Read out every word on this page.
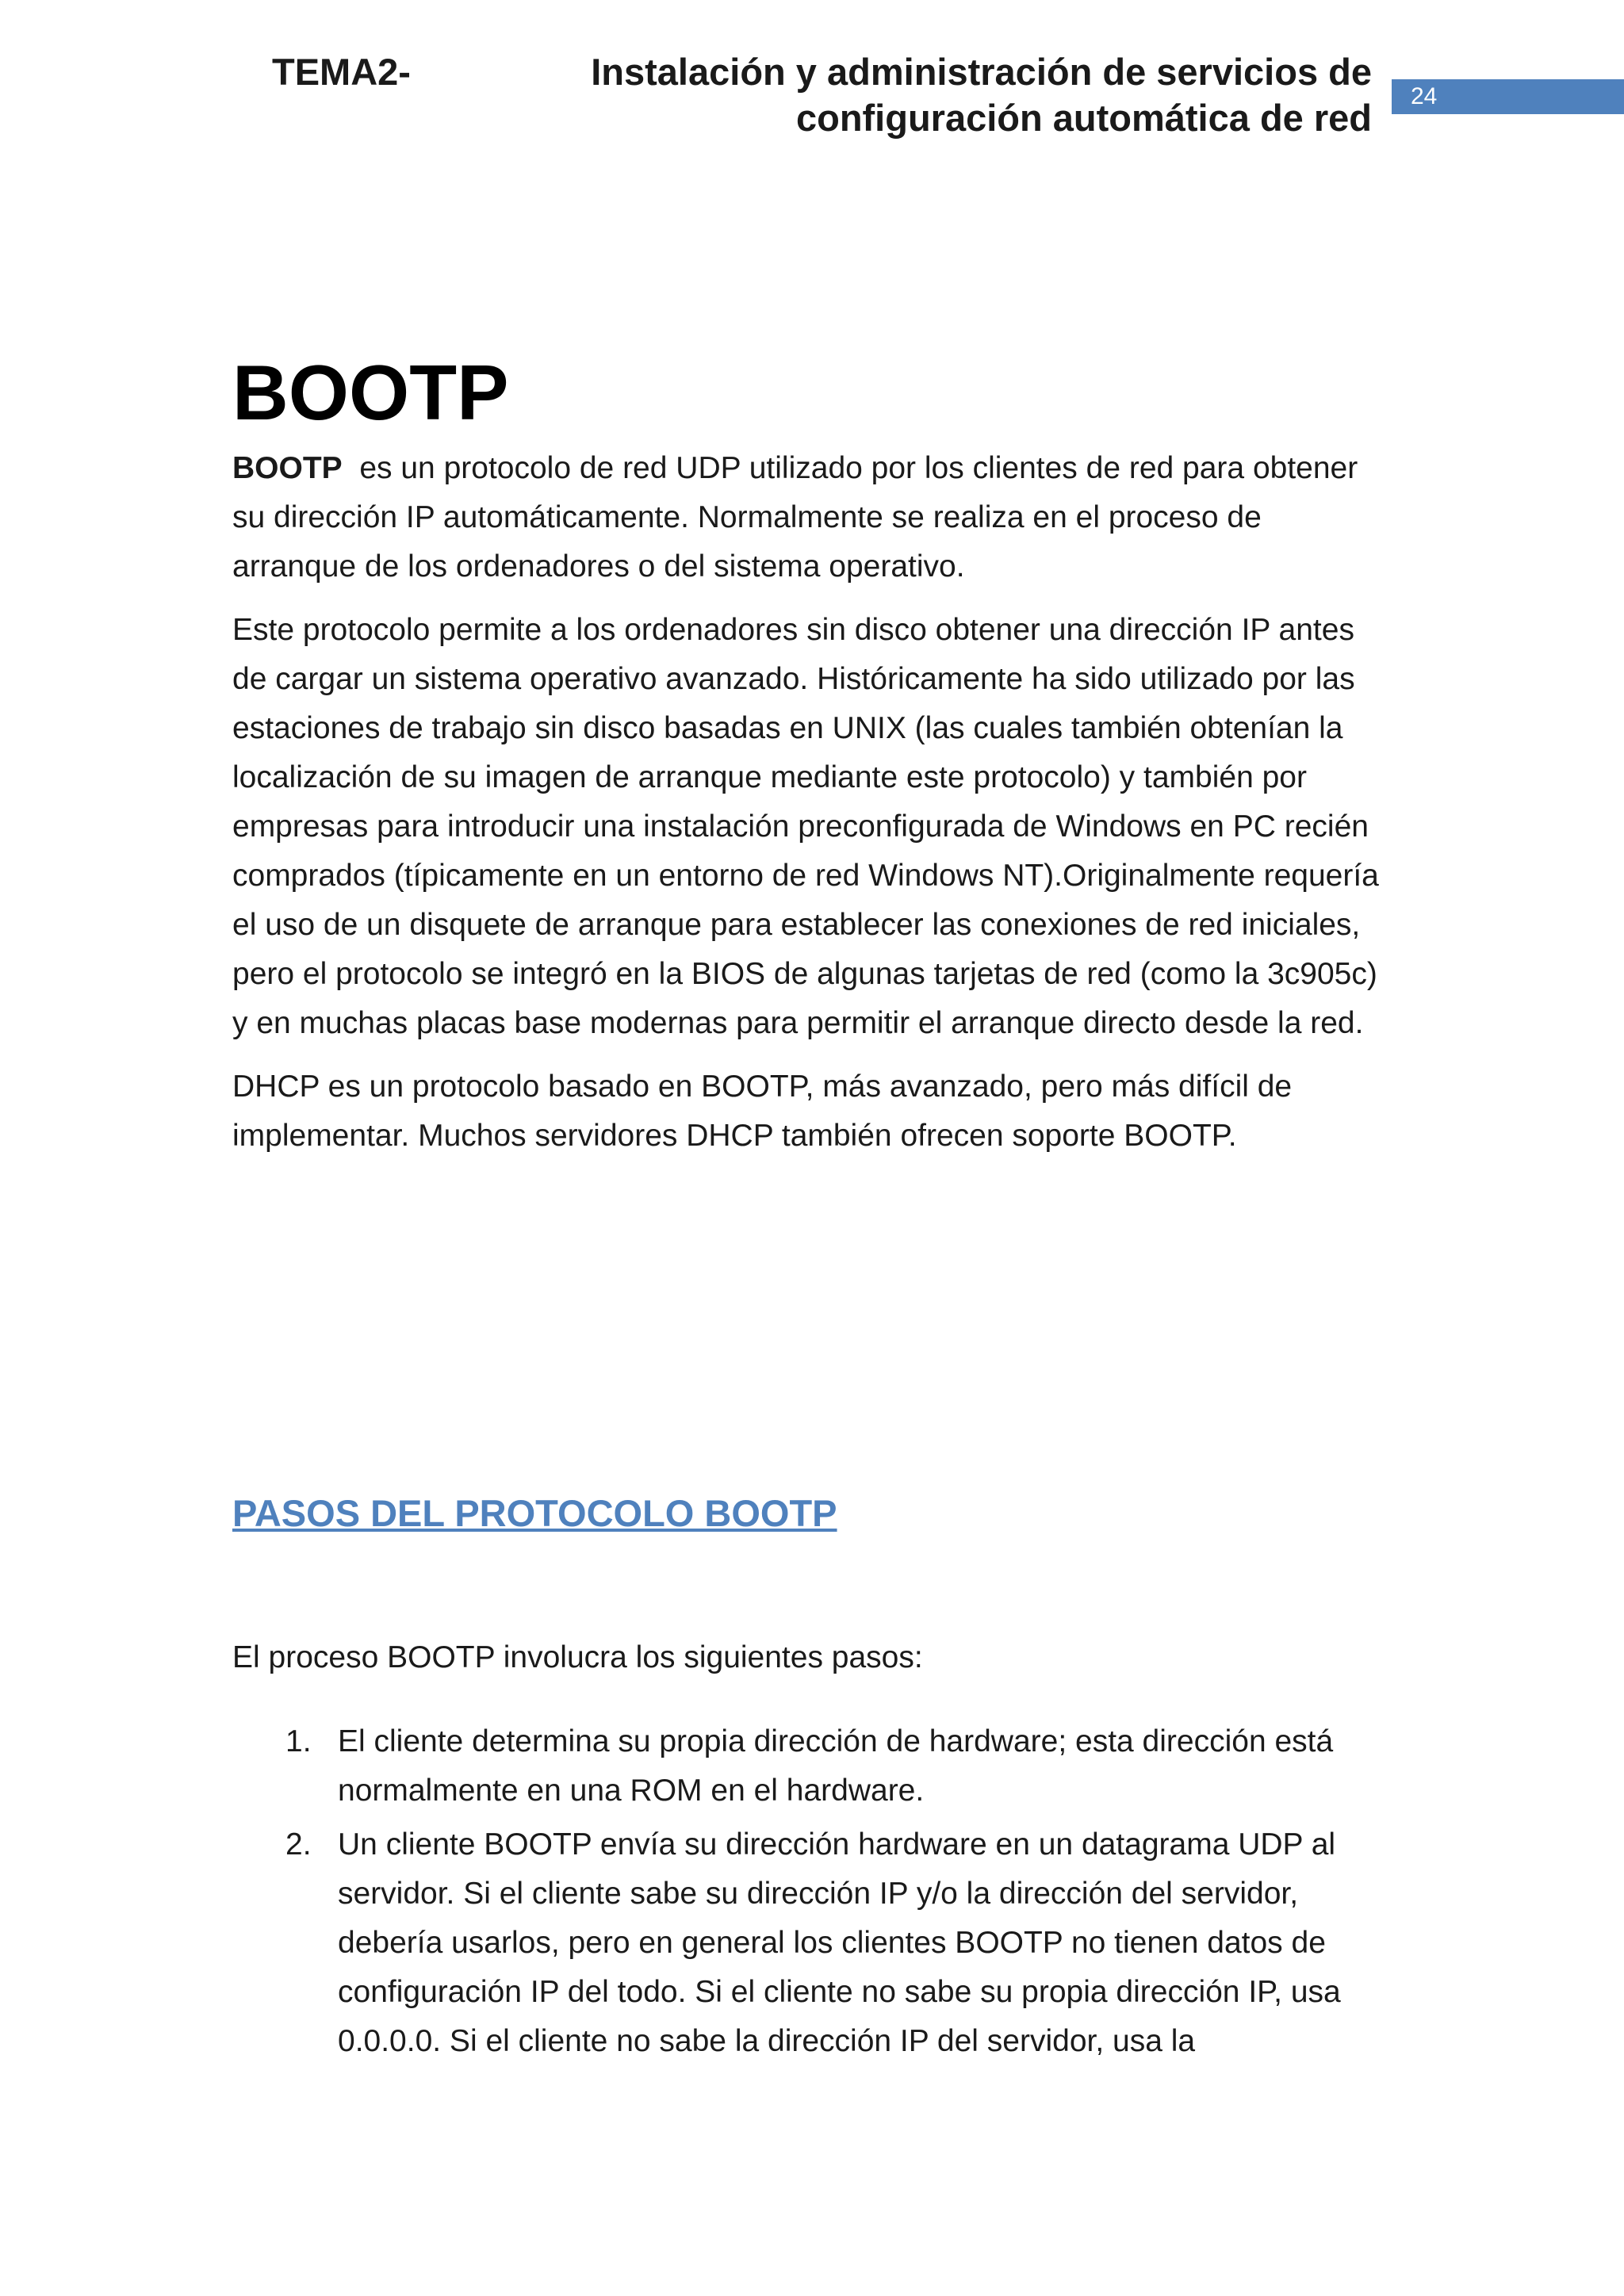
TEMA2-	Instalación y administración de servicios de
configuración automática de red
24
BOOTP

BOOTP  es un protocolo de red UDP utilizado por los clientes de red para obtener su dirección IP automáticamente. Normalmente se realiza en el proceso de arranque de los ordenadores o del sistema operativo.

Este protocolo permite a los ordenadores sin disco obtener una dirección IP antes de cargar un sistema operativo avanzado. Históricamente ha sido utilizado por las estaciones de trabajo sin disco basadas en UNIX (las cuales también obtenían la localización de su imagen de arranque mediante este protocolo) y también por empresas para introducir una instalación preconfigurada de Windows en PC recién comprados (típicamente en un entorno de red Windows NT).Originalmente requería el uso de un disquete de arranque para establecer las conexiones de red iniciales, pero el protocolo se integró en la BIOS de algunas tarjetas de red (como la 3c905c) y en muchas placas base modernas para permitir el arranque directo desde la red.

DHCP es un protocolo basado en BOOTP, más avanzado, pero más difícil de implementar. Muchos servidores DHCP también ofrecen soporte BOOTP.

PASOS DEL PROTOCOLO BOOTP
El proceso BOOTP involucra los siguientes pasos:
1. El cliente determina su propia dirección de hardware; esta dirección está normalmente en una ROM en el hardware.
2. Un cliente BOOTP envía su dirección hardware en un datagrama UDP al servidor. Si el cliente sabe su dirección IP y/o la dirección del servidor, debería usarlos, pero en general los clientes BOOTP no tienen datos de configuración IP del todo. Si el cliente no sabe su propia dirección IP, usa 0.0.0.0. Si el cliente no sabe la dirección IP del servidor, usa la
